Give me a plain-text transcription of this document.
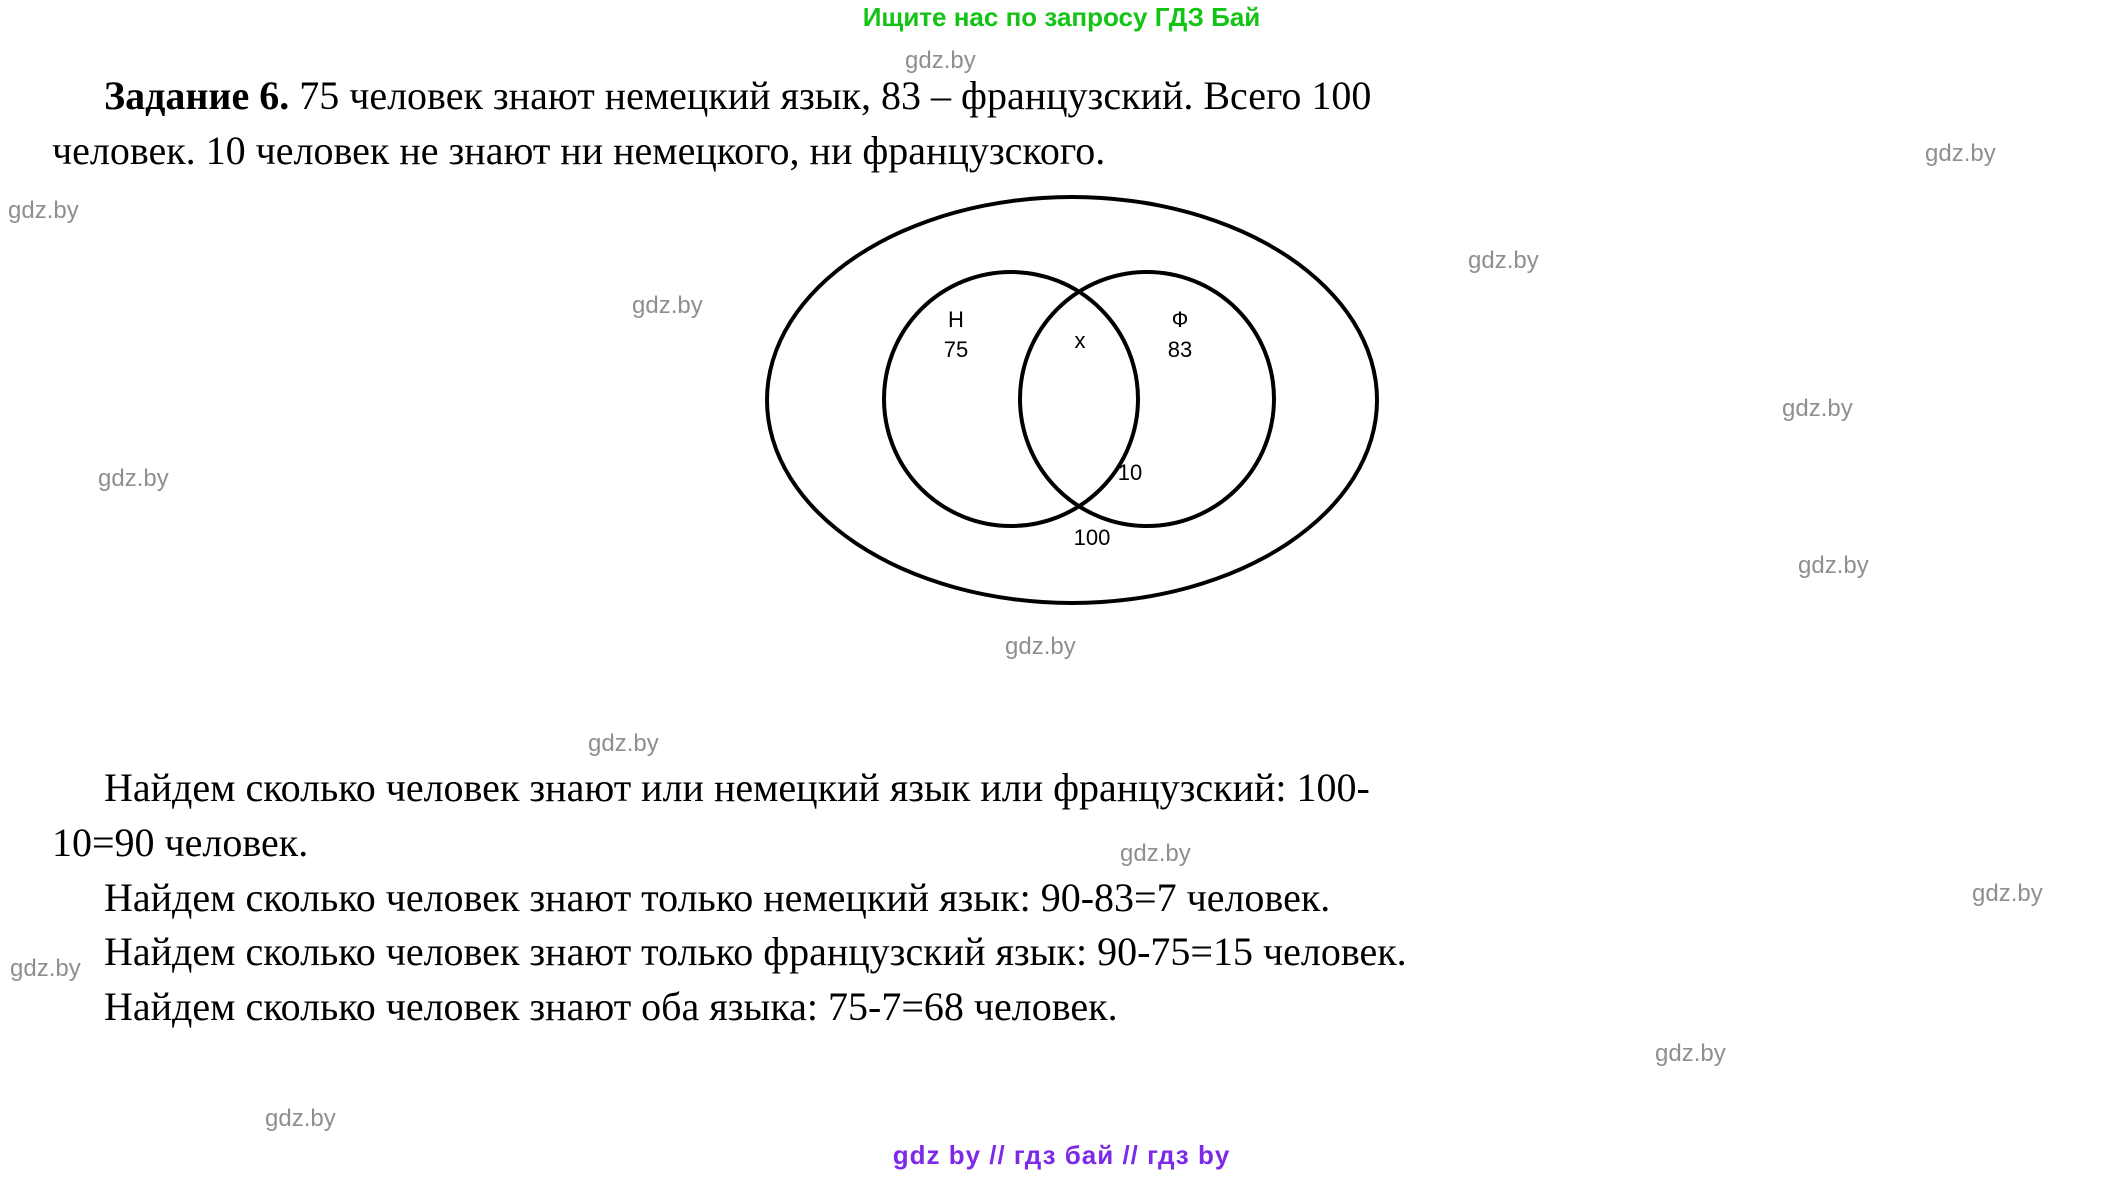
Ищите нас по запросу ГДЗ Бай
gdz.by
gdz.by
gdz.by
gdz.by
gdz.by
gdz.by
gdz.by
gdz.by
gdz.by
gdz.by
gdz.by
gdz.by
gdz.by
gdz.by
gdz.by
Задание 6. 75 человек знают немецкий язык, 83 – французский. Всего 100
человек. 10 человек не знают ни немецкого, ни французского.
Н
75
Ф
83
х
10
100

Найдем сколько человек знают или немецкий язык или французский: 100-

10=90 человек.

Найдем сколько человек знают только немецкий язык: 90-83=7 человек.

Найдем сколько человек знают только французский язык: 90-75=15 человек.

Найдем сколько человек знают оба языка: 75-7=68 человек.

gdz by // гдз бай // гдз by
